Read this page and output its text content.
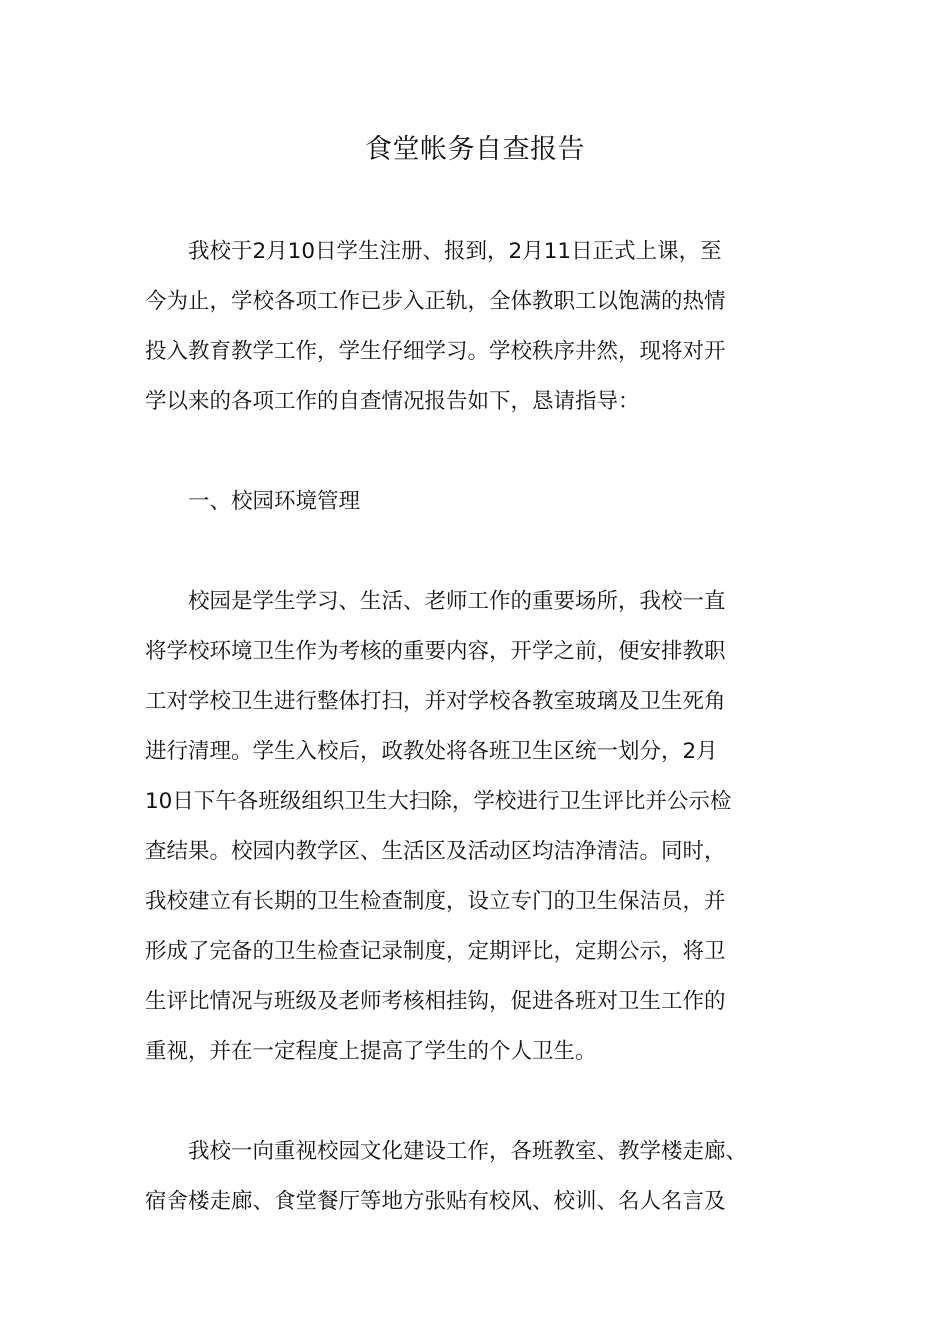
食堂帐务自查报告

我校于2月10日学生注册、报到，2月11日正式上课，至

今为止，学校各项工作已步入正轨，全体教职工以饱满的热情
投入教育教学工作，学生仔细学习。学校秩序井然，现将对开
学以来的各项工作的自查情况报告如下，恳请指导：

一、校园环境管理

校园是学生学习、生活、老师工作的重要场所，我校一直

将学校环境卫生作为考核的重要内容，开学之前，便安排教职
工对学校卫生进行整体打扫，并对学校各教室玻璃及卫生死角
进行清理。学生入校后，政教处将各班卫生区统一划分，2月
10日下午各班级组织卫生大扫除，学校进行卫生评比并公示检
查结果。校园内教学区、生活区及活动区均洁净清洁。同时，
我校建立有长期的卫生检查制度，设立专门的卫生保洁员，并
形成了完备的卫生检查记录制度，定期评比，定期公示，将卫
生评比情况与班级及老师考核相挂钩，促进各班对卫生工作的
重视，并在一定程度上提高了学生的个人卫生。

我校一向重视校园文化建设工作，各班教室、教学楼走廊、

宿舍楼走廊、食堂餐厅等地方张贴有校风、校训、名人名言及
